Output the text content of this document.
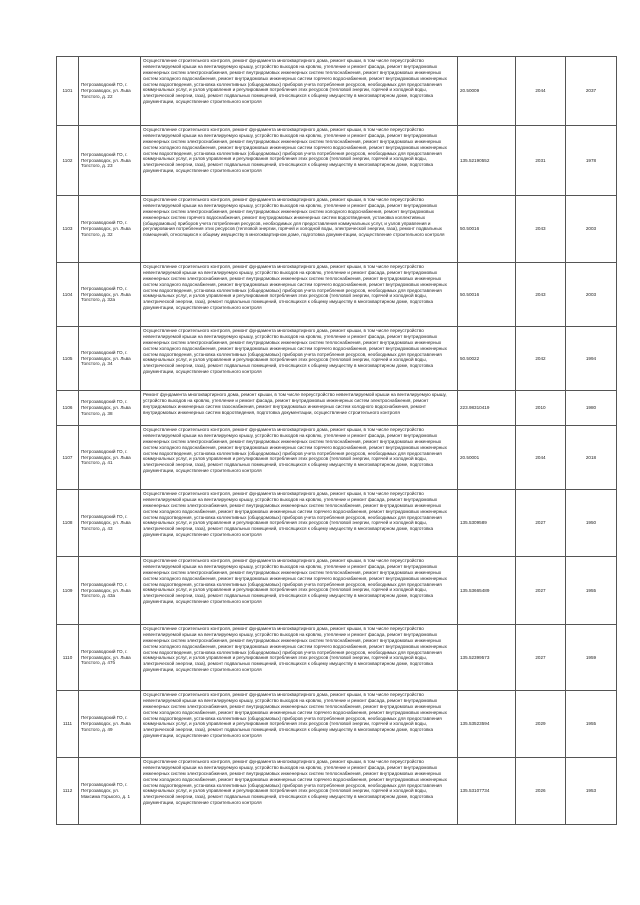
1101	Петрозаводский ГО, г. Петрозаводск, ул. Льва Толстого, д. 22	Осуществление строительного контроля, ремонт фундамента многоквартирного дома, ремонт крыши, в том числе переустройство невентилируемой крыши на вентилируемую крышу, устройство выходов на кровлю, утепление и ремонт фасада, ремонт внутридомовых инженерных систем электроснабжения, ремонт внутридомовых инженерных систем теплоснабжения, ремонт внутридомовых инженерных систем холодного водоснабжения, ремонт внутридомовых инженерных систем горячего водоснабжения, ремонт внутридомовых инженерных систем водоотведения, установка коллективных (общедомовых) приборов учета потребления ресурсов, необходимых для предоставления коммунальных услуг, и узлов управления и регулирования потребления этих ресурсов (тепловой энергии, горячей и холодной воды, электрической энергии, газа), ремонт подвальных помещений, относящихся к общему имуществу в многоквартирном доме, подготовка документации, осуществление строительного контроля	20.50009	2044	2037
1102	Петрозаводский ГО, г. Петрозаводск, ул. Льва Толстого, д. 23	Осуществление строительного контроля, ремонт фундамента многоквартирного дома, ремонт крыши, в том числе переустройство невентилируемой крыши на вентилируемую крышу, устройство выходов на кровлю, утепление и ремонт фасада, ремонт внутридомовых инженерных систем электроснабжения, ремонт внутридомовых инженерных систем теплоснабжения, ремонт внутридомовых инженерных систем холодного водоснабжения, ремонт внутридомовых инженерных систем горячего водоснабжения, ремонт внутридомовых инженерных систем водоотведения, установка коллективных (общедомовых) приборов учета потребления ресурсов, необходимых для предоставления коммунальных услуг, и узлов управления и регулирования потребления этих ресурсов (тепловой энергии, горячей и холодной воды, электрической энергии, газа), ремонт подвальных помещений, относящихся к общему имуществу в многоквартирном доме, подготовка документации, осуществление строительного контроля	135.52190552	2031	1978
1103	Петрозаводский ГО, г. Петрозаводск, ул. Льва Толстого, д. 32	Осуществление строительного контроля, ремонт фундамента многоквартирного дома, ремонт крыши, в том числе переустройство невентилируемой крыши на вентилируемую крышу, устройство выходов на кровлю, утепление и ремонт фасада, ремонт внутридомовых инженерных систем электроснабжения, ремонт внутридомовых инженерных систем холодного водоснабжения, ремонт внутридомовых инженерных систем горячего водоснабжения, ремонт внутридомовых инженерных систем водоотведения, установка коллективных (общедомовых) приборов учета потребления ресурсов, необходимых для предоставления коммунальных услуг, и узлов управления и регулирования потребления этих ресурсов (тепловой энергии, горячей и холодной воды, электрической энергии, газа), ремонт подвальных помещений, относящихся к общему имуществу в многоквартирном доме, подготовка документации, осуществление строительного контроля	50.50016	2043	2003
1104	Петрозаводский ГО, г. Петрозаводск, ул. Льва Толстого, д. 32а	Осуществление строительного контроля, ремонт фундамента многоквартирного дома, ремонт крыши, в том числе переустройство невентилируемой крыши на вентилируемую крышу, устройство выходов на кровлю, утепление и ремонт фасада, ремонт внутридомовых инженерных систем электроснабжения, ремонт внутридомовых инженерных систем теплоснабжения, ремонт внутридомовых инженерных систем холодного водоснабжения, ремонт внутридомовых инженерных систем горячего водоснабжения, ремонт внутридомовых инженерных систем водоотведения, установка коллективных (общедомовых) приборов учета потребления ресурсов, необходимых для предоставления коммунальных услуг, и узлов управления и регулирования потребления этих ресурсов (тепловой энергии, горячей и холодной воды, электрической энергии, газа), ремонт подвальных помещений, относящихся к общему имуществу в многоквартирном доме, подготовка документации, осуществление строительного контроля	50.50016	2043	2003
1105	Петрозаводский ГО, г. Петрозаводск, ул. Льва Толстого, д. 34	Осуществление строительного контроля, ремонт фундамента многоквартирного дома, ремонт крыши, в том числе переустройство невентилируемой крыши на вентилируемую крышу, устройство выходов на кровлю, утепление и ремонт фасада, ремонт внутридомовых инженерных систем электроснабжения, ремонт внутридомовых инженерных систем теплоснабжения, ремонт внутридомовых инженерных систем холодного водоснабжения, ремонт внутридомовых инженерных систем горячего водоснабжения, ремонт внутридомовых инженерных систем водоотведения, установка коллективных (общедомовых) приборов учета потребления ресурсов, необходимых для предоставления коммунальных услуг, и узлов управления и регулирования потребления этих ресурсов (тепловой энергии, горячей и холодной воды, электрической энергии, газа), ремонт подвальных помещений, относящихся к общему имуществу в многоквартирном доме, подготовка документации, осуществление строительного контроля	50.50022	2042	1994
1106	Петрозаводский ГО, г. Петрозаводск, ул. Льва Толстого, д. 38	Ремонт фундамента многоквартирного дома, ремонт крыши, в том числе переустройство невентилируемой крыши на вентилируемую крышу, устройство выходов на кровлю, утепление и ремонт фасада, ремонт внутридомовых инженерных систем электроснабжения, ремонт внутридомовых инженерных систем газоснабжения, ремонт внутридомовых инженерных систем холодного водоснабжения, ремонт внутридомовых инженерных систем водоотведения, подготовка документации, осуществление строительного контроля	223.98310419	2010	1980
1107	Петрозаводский ГО, г. Петрозаводск, ул. Льва Толстого, д. 41	Осуществление строительного контроля, ремонт фундамента многоквартирного дома, ремонт крыши, в том числе переустройство невентилируемой крыши на вентилируемую крышу, устройство выходов на кровлю, утепление и ремонт фасада, ремонт внутридомовых инженерных систем электроснабжения, ремонт внутридомовых инженерных систем теплоснабжения, ремонт внутридомовых инженерных систем холодного водоснабжения, ремонт внутридомовых инженерных систем горячего водоснабжения, ремонт внутридомовых инженерных систем водоотведения, установка коллективных (общедомовых) приборов учета потребления ресурсов, необходимых для предоставления коммунальных услуг, и узлов управления и регулирования потребления этих ресурсов (тепловой энергии, горячей и холодной воды, электрической энергии, газа), ремонт подвальных помещений, относящихся к общему имуществу в многоквартирном доме, подготовка документации, осуществление строительного контроля	20.50001	2044	2018
1108	Петрозаводский ГО, г. Петрозаводск, ул. Льва Толстого, д. 43	Осуществление строительного контроля, ремонт фундамента многоквартирного дома, ремонт крыши, в том числе переустройство невентилируемой крыши на вентилируемую крышу, устройство выходов на кровлю, утепление и ремонт фасада, ремонт внутридомовых инженерных систем электроснабжения, ремонт внутридомовых инженерных систем теплоснабжения, ремонт внутридомовых инженерных систем холодного водоснабжения, ремонт внутридомовых инженерных систем горячего водоснабжения, ремонт внутридомовых инженерных систем водоотведения, установка коллективных (общедомовых) приборов учета потребления ресурсов, необходимых для предоставления коммунальных услуг, и узлов управления и регулирования потребления этих ресурсов (тепловой энергии, горячей и холодной воды, электрической энергии, газа), ремонт подвальных помещений, относящихся к общему имуществу в многоквартирном доме, подготовка документации, осуществление строительного контроля	135.5309589	2027	1950
1109	Петрозаводский ГО, г. Петрозаводск, ул. Льва Толстого, д. 43а	Осуществление строительного контроля, ремонт фундамента многоквартирного дома, ремонт крыши, в том числе переустройство невентилируемой крыши на вентилируемую крышу, устройство выходов на кровлю, утепление и ремонт фасада, ремонт внутридомовых инженерных систем электроснабжения, ремонт внутридомовых инженерных систем теплоснабжения, ремонт внутридомовых инженерных систем холодного водоснабжения, ремонт внутридомовых инженерных систем горячего водоснабжения, ремонт внутридомовых инженерных систем водоотведения, установка коллективных (общедомовых) приборов учета потребления ресурсов, необходимых для предоставления коммунальных услуг, и узлов управления и регулирования потребления этих ресурсов (тепловой энергии, горячей и холодной воды, электрической энергии, газа), ремонт подвальных помещений, относящихся к общему имуществу в многоквартирном доме, подготовка документации, осуществление строительного контроля	135.53665489	2027	1955
1110	Петрозаводский ГО, г. Петрозаводск, ул. Льва Толстого, д. 47б	Осуществление строительного контроля, ремонт фундамента многоквартирного дома, ремонт крыши, в том числе переустройство невентилируемой крыши на вентилируемую крышу, устройство выходов на кровлю, утепление и ремонт фасада, ремонт внутридомовых инженерных систем электроснабжения, ремонт внутридомовых инженерных систем теплоснабжения, ремонт внутридомовых инженерных систем холодного водоснабжения, ремонт внутридомовых инженерных систем горячего водоснабжения, ремонт внутридомовых инженерных систем водоотведения, установка коллективных (общедомовых) приборов учета потребления ресурсов, необходимых для предоставления коммунальных услуг, и узлов управления и регулирования потребления этих ресурсов (тепловой энергии, горячей и холодной воды, электрической энергии, газа), ремонт подвальных помещений, относящихся к общему имуществу в многоквартирном доме, подготовка документации, осуществление строительного контроля	135.52399573	2027	1959
1111	Петрозаводский ГО, г. Петрозаводск, ул. Льва Толстого, д. 49	Осуществление строительного контроля, ремонт фундамента многоквартирного дома, ремонт крыши, в том числе переустройство невентилируемой крыши на вентилируемую крышу, устройство выходов на кровлю, утепление и ремонт фасада, ремонт внутридомовых инженерных систем электроснабжения, ремонт внутридомовых инженерных систем теплоснабжения, ремонт внутридомовых инженерных систем холодного водоснабжения, ремонт внутридомовых инженерных систем горячего водоснабжения, ремонт внутридомовых инженерных систем водоотведения, установка коллективных (общедомовых) приборов учета потребления ресурсов, необходимых для предоставления коммунальных услуг, и узлов управления и регулирования потребления этих ресурсов (тепловой энергии, горячей и холодной воды, электрической энергии, газа), ремонт подвальных помещений, относящихся к общему имуществу в многоквартирном доме, подготовка документации, осуществление строительного контроля	135.53523594	2029	1955
1112	Петрозаводский ГО, г. Петрозаводск, ул. Максима Горького, д. 1	Осуществление строительного контроля, ремонт фундамента многоквартирного дома, ремонт крыши, в том числе переустройство невентилируемой крыши на вентилируемую крышу, устройство выходов на кровлю, утепление и ремонт фасада, ремонт внутридомовых инженерных систем электроснабжения, ремонт внутридомовых инженерных систем теплоснабжения, ремонт внутридомовых инженерных систем холодного водоснабжения, ремонт внутридомовых инженерных систем горячего водоснабжения, ремонт внутридомовых инженерных систем водоотведения, установка коллективных (общедомовых) приборов учета потребления ресурсов, необходимых для предоставления коммунальных услуг, и узлов управления и регулирования потребления этих ресурсов (тепловой энергии, горячей и холодной воды, электрической энергии, газа), ремонт подвальных помещений, относящихся к общему имуществу в многоквартирном доме, подготовка документации, осуществление строительного контроля	135.53107734	2026	1953
